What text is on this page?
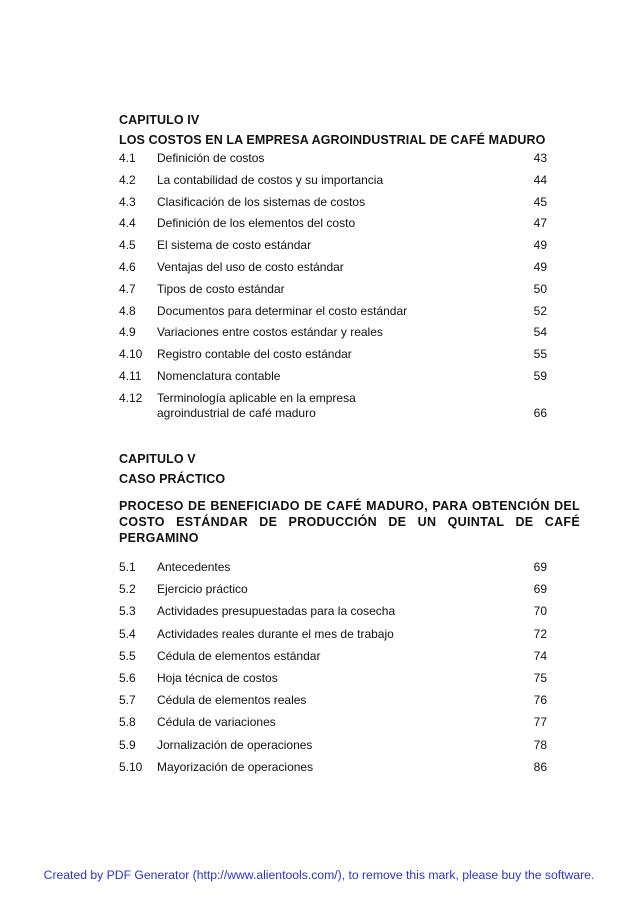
CAPITULO IV
LOS COSTOS EN LA EMPRESA AGROINDUSTRIAL DE CAFÉ MADURO
4.1 Definición de costos	43
4.2 La contabilidad de costos y su importancia	44
4.3 Clasificación de los sistemas de costos	45
4.4 Definición de los elementos del costo	47
4.5 El sistema de costo estándar	49
4.6 Ventajas del uso de costo estándar	49
4.7 Tipos de costo estándar	50
4.8 Documentos para determinar el costo estándar	52
4.9 Variaciones entre costos estándar y reales	54
4.10 Registro contable del costo estándar	55
4.11 Nomenclatura contable	59
4.12 Terminología aplicable en la empresa
agroindustrial de café maduro	66
CAPITULO V
CASO PRÁCTICO
PROCESO DE BENEFICIADO DE CAFÉ MADURO, PARA OBTENCIÓN DEL
COSTO ESTÁNDAR DE PRODUCCIÓN DE UN QUINTAL DE CAFÉ
PERGAMINO
5.1 Antecedentes	69
5.2 Ejercicio práctico	69
5.3 Actividades presupuestadas para la cosecha	70
5.4 Actividades reales durante el mes de trabajo	72
5.5 Cédula de elementos estándar	74
5.6 Hoja técnica de costos	75
5.7 Cédula de elementos reales	76
5.8 Cédula de variaciones	77
5.9 Jornalización de operaciones	78
5.10 Mayorización de operaciones	86
Created by PDF Generator (http://www.alientools.com/), to remove this mark, please buy the software.
